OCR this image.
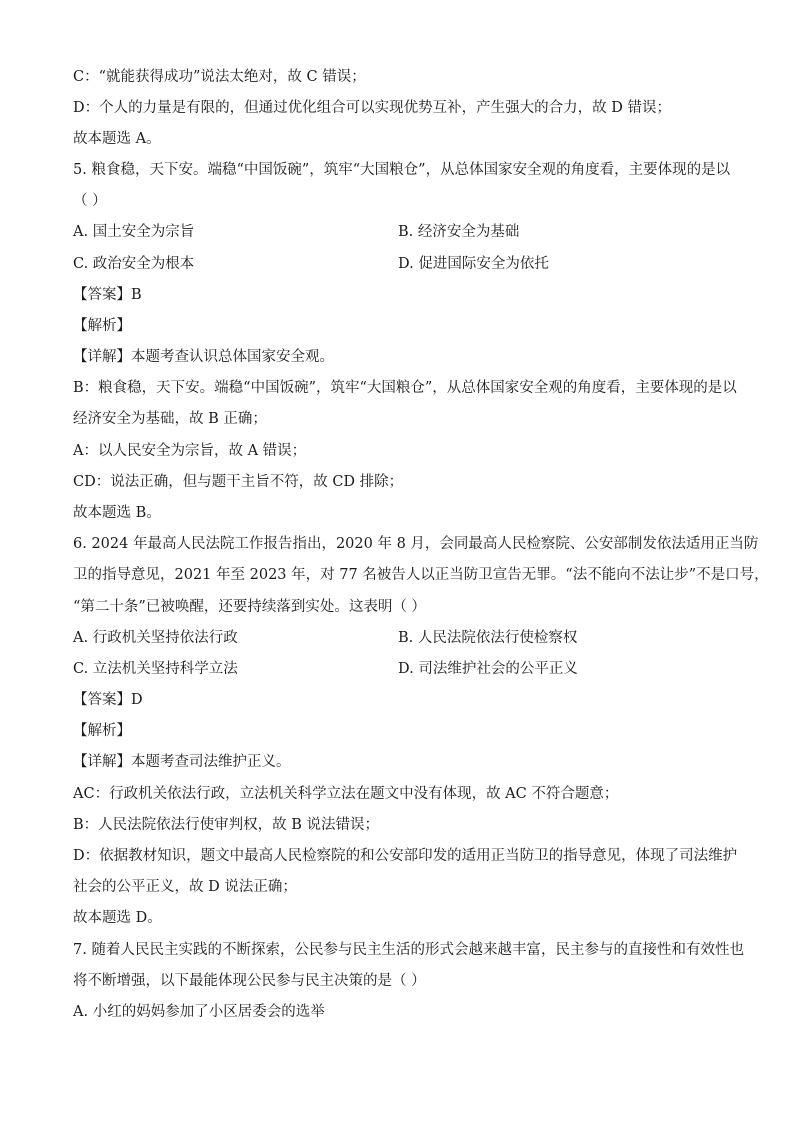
C：“就能获得成功”说法太绝对，故 C 错误；
D：个人的力量是有限的，但通过优化组合可以实现优势互补，产生强大的合力，故 D 错误；
故本题选 A。
5. 粮食稳，天下安。端稳“中国饭碗”，筑牢“大国粮仓”，从总体国家安全观的角度看，主要体现的是以
（ ）
A. 国土安全为宗旨	B. 经济安全为基础
C. 政治安全为根本	D. 促进国际安全为依托
【答案】B
【解析】
【详解】本题考查认识总体国家安全观。
B：粮食稳，天下安。端稳“中国饭碗”，筑牢“大国粮仓”，从总体国家安全观的角度看，主要体现的是以
经济安全为基础，故 B 正确；
A：以人民安全为宗旨，故 A 错误；
CD：说法正确，但与题干主旨不符，故 CD 排除；
故本题选 B。
6. 2024 年最高人民法院工作报告指出，2020 年 8 月，会同最高人民检察院、公安部制发依法适用正当防
卫的指导意见，2021 年至 2023 年，对 77 名被告人以正当防卫宣告无罪。“法不能向不法让步”不是口号，
“第二十条”已被唤醒，还要持续落到实处。这表明（ ）
A. 行政机关坚持依法行政	B. 人民法院依法行使检察权
C. 立法机关坚持科学立法	D. 司法维护社会的公平正义
【答案】D
【解析】
【详解】本题考查司法维护正义。
AC：行政机关依法行政，立法机关科学立法在题文中没有体现，故 AC 不符合题意；
B：人民法院依法行使审判权，故 B 说法错误；
D：依据教材知识，题文中最高人民检察院的和公安部印发的适用正当防卫的指导意见，体现了司法维护
社会的公平正义，故 D 说法正确；
故本题选 D。
7. 随着人民民主实践的不断探索，公民参与民主生活的形式会越来越丰富，民主参与的直接性和有效性也
将不断增强，以下最能体现公民参与民主决策的是（ ）
A. 小红的妈妈参加了小区居委会的选举
